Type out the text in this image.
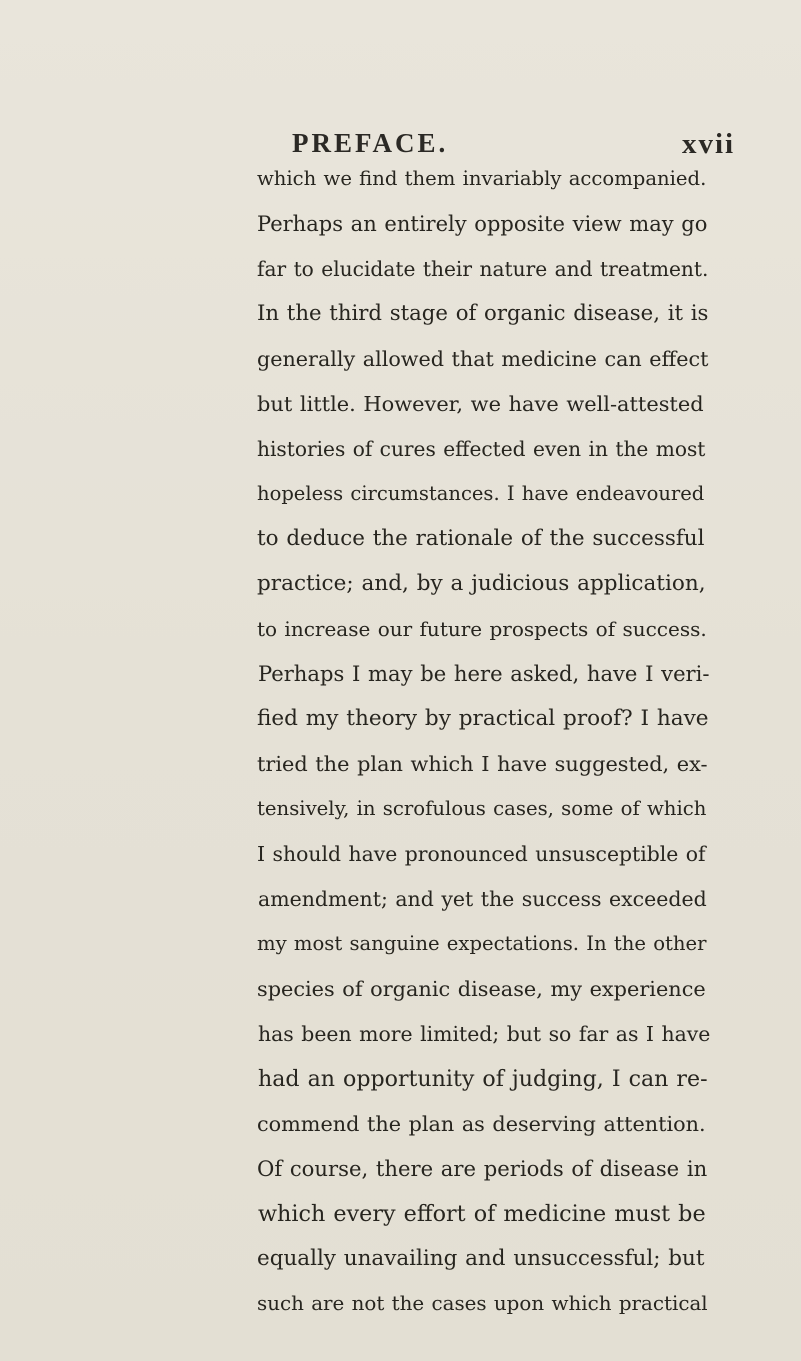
PREFACE.	xvii
which we find them invariably accompanied.
Perhaps an entirely opposite view may go
far to elucidate their nature and treatment.
In the third stage of organic disease, it is
generally allowed that medicine can effect
but little. However, we have well-attested
histories of cures effected even in the most
hopeless circumstances. I have endeavoured
to deduce the rationale of the successful
practice; and, by a judicious application,
to increase our future prospects of success.
Perhaps I may be here asked, have I veri-
fied my theory by practical proof? I have
tried the plan which I have suggested, ex-
tensively, in scrofulous cases, some of which
I should have pronounced unsusceptible of
amendment; and yet the success exceeded
my most sanguine expectations. In the other
species of organic disease, my experience
has been more limited; but so far as I have
had an opportunity of judging, I can re-
commend the plan as deserving attention.
Of course, there are periods of disease in
which every effort of medicine must be
equally unavailing and unsuccessful; but
such are not the cases upon which practical
